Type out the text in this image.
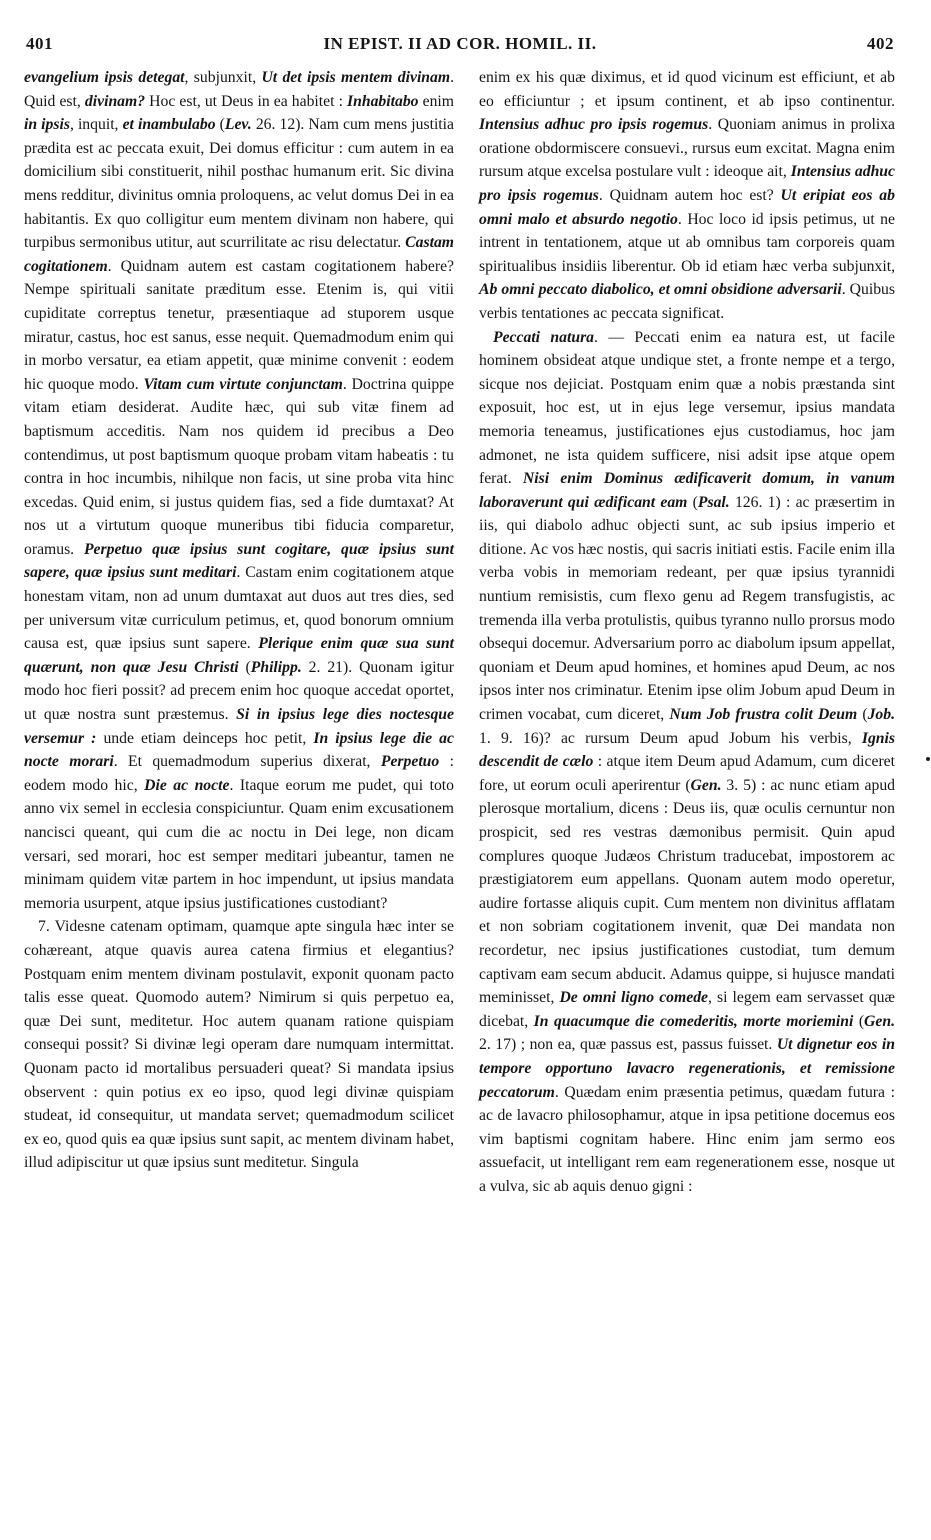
401	IN EPIST. II AD COR. HOMIL. II.	402

evangelium ipsis detegat, subjunxit, Ut det ipsis mentem divinam. Quid est, divinam? Hoc est, ut Deus in ea habitet : Inhabitabo enim in ipsis, inquit, et inambulabo (Lev. 26. 12). Nam cum mens justitia prædita est ac peccata exuit, Dei domus efficitur : cum autem in ea domicilium sibi constituerit, nihil posthac humanum erit. Sic divina mens redditur, divinitus omnia proloquens, ac velut domus Dei in ea habitantis. Ex quo colligitur eum mentem divinam non habere, qui turpibus sermonibus utitur, aut scurrilitate ac risu delectatur. Castam cogitationem. Quidnam autem est castam cogitationem habere? Nempe spirituali sanitate præditum esse. Etenim is, qui vitii cupiditate correptus tenetur, præsentiaque ad stuporem usque miratur, castus, hoc est sanus, esse nequit. Quemadmodum enim qui in morbo versatur, ea etiam appetit, quæ minime convenit : eodem hic quoque modo. Vitam cum virtute conjunctam. Doctrina quippe vitam etiam desiderat. Audite hæc, qui sub vitæ finem ad baptismum acceditis. Nam nos quidem id precibus a Deo contendimus, ut post baptismum quoque probam vitam habeatis : tu contra in hoc incumbis, nihilque non facis, ut sine proba vita hinc excedas. Quid enim, si justus quidem fias, sed a fide dumtaxat? At nos ut a virtutum quoque muneribus tibi fiducia comparetur, oramus. Perpetuo quæ ipsius sunt cogitare, quæ ipsius sunt sapere, quæ ipsius sunt meditari. Castam enim cogitationem atque honestam vitam, non ad unum dumtaxat aut duos aut tres dies, sed per universum vitæ curriculum petimus, et, quod bonorum omnium causa est, quæ ipsius sunt sapere. Plerique enim quæ sua sunt quærunt, non quæ Jesu Christi (Philipp. 2. 21). Quonam igitur modo hoc fieri possit? ad precem enim hoc quoque accedat oportet, ut quæ nostra sunt præstemus. Si in ipsius lege dies noctesque versemur : unde etiam deinceps hoc petit, In ipsius lege die ac nocte morari. Et quemadmodum superius dixerat, Perpetuo : eodem modo hic, Die ac nocte. Itaque eorum me pudet, qui toto anno vix semel in ecclesia conspiciuntur. Quam enim excusationem nancisci queant, qui cum die ac noctu in Dei lege, non dicam versari, sed morari, hoc est semper meditari jubeantur, tamen ne minimam quidem vitæ partem in hoc impendunt, ut ipsius mandata memoria usurpent, atque ipsius justificationes custodiant?

7. Videsne catenam optimam, quamque apte singula hæc inter se cohæreant, atque quavis aurea catena firmius et elegantius? Postquam enim mentem divinam postulavit, exponit quonam pacto talis esse queat. Quomodo autem? Nimirum si quis perpetuo ea, quæ Dei sunt, meditetur. Hoc autem quanam ratione quispiam consequi possit? Si divinæ legi operam dare numquam intermittat. Quonam pacto id mortalibus persuaderi queat? Si mandata ipsius observent : quin potius ex eo ipso, quod legi divinæ quispiam studeat, id consequitur, ut mandata servet; quemadmodum scilicet ex eo, quod quis ea quæ ipsius sunt sapit, ac mentem divinam habet, illud adipiscitur ut quæ ipsius sunt meditetur. Singula

enim ex his quæ diximus, et id quod vicinum est efficiunt, et ab eo efficiuntur ; et ipsum continent, et ab ipso continentur. Intensius adhuc pro ipsis rogemus. Quoniam animus in prolixa oratione obdormiscere consuevi., rursus eum excitat. Magna enim rursum atque excelsa postulare vult : ideoque ait, Intensius adhuc pro ipsis rogemus. Quidnam autem hoc est? Ut eripiat eos ab omni malo et absurdo negotio. Hoc loco id ipsis petimus, ut ne intrent in tentationem, atque ut ab omnibus tam corporeis quam spiritualibus insidiis liberentur. Ob id etiam hæc verba subjunxit, Ab omni peccato diabolico, et omni obsidione adversarii. Quibus verbis tentationes ac peccata significat.

Peccati natura. — Peccati enim ea natura est, ut facile hominem obsideat atque undique stet, a fronte nempe et a tergo, sicque nos dejiciat. Postquam enim quæ a nobis præstanda sint exposuit, hoc est, ut in ejus lege versemur, ipsius mandata memoria teneamus, justificationes ejus custodiamus, hoc jam admonet, ne ista quidem sufficere, nisi adsit ipse atque opem ferat. Nisi enim Dominus ædificaverit domum, in vanum laboraverunt qui ædificant eam (Psal. 126. 1) : ac præsertim in iis, qui diabolo adhuc objecti sunt, ac sub ipsius imperio et ditione. Ac vos hæc nostis, qui sacris initiati estis. Facile enim illa verba vobis in memoriam redeant, per quæ ipsius tyrannidi nuntium remisistis, cum flexo genu ad Regem transfugistis, ac tremenda illa verba protulistis, quibus tyranno nullo prorsus modo obsequi docemur. Adversarium porro ac diabolum ipsum appellat, quoniam et Deum apud homines, et homines apud Deum, ac nos ipsos inter nos criminatur. Etenim ipse olim Jobum apud Deum in crimen vocabat, cum diceret, Num Job frustra colit Deum (Job. 1. 9. 16)? ac rursum Deum apud Jobum his verbis, Ignis descendit de cælo : atque item Deum apud Adamum, cum diceret fore, ut eorum oculi aperirentur (Gen. 3. 5) : ac nunc etiam apud plerosque mortalium, dicens : Deus iis, quæ oculis cernuntur non prospicit, sed res vestras dæmonibus permisit. Quin apud complures quoque Judæos Christum traducebat, impostorem ac præstigiatorem eum appellans. Quonam autem modo operetur, audire fortasse aliquis cupit. Cum mentem non divinitus afflatam et non sobriam cogitationem invenit, quæ Dei mandata non recordetur, nec ipsius justificationes custodiat, tum demum captivam eam secum abducit. Adamus quippe, si hujusce mandati meminisset, De omni ligno comede, si legem eam servasset quæ dicebat, In quacumque die comederitis, morte moriemini (Gen. 2. 17) ; non ea, quæ passus est, passus fuisset. Ut dignetur eos in tempore opportuno lavacro regenerationis, et remissione peccatorum. Quædam enim præsentia petimus, quædam futura : ac de lavacro philosophamur, atque in ipsa petitione docemus eos vim baptismi cognitam habere. Hinc enim jam sermo eos assuefacit, ut intelligant rem eam regenerationem esse, nosque ut a vulva, sic ab aquis denuo gigni :
